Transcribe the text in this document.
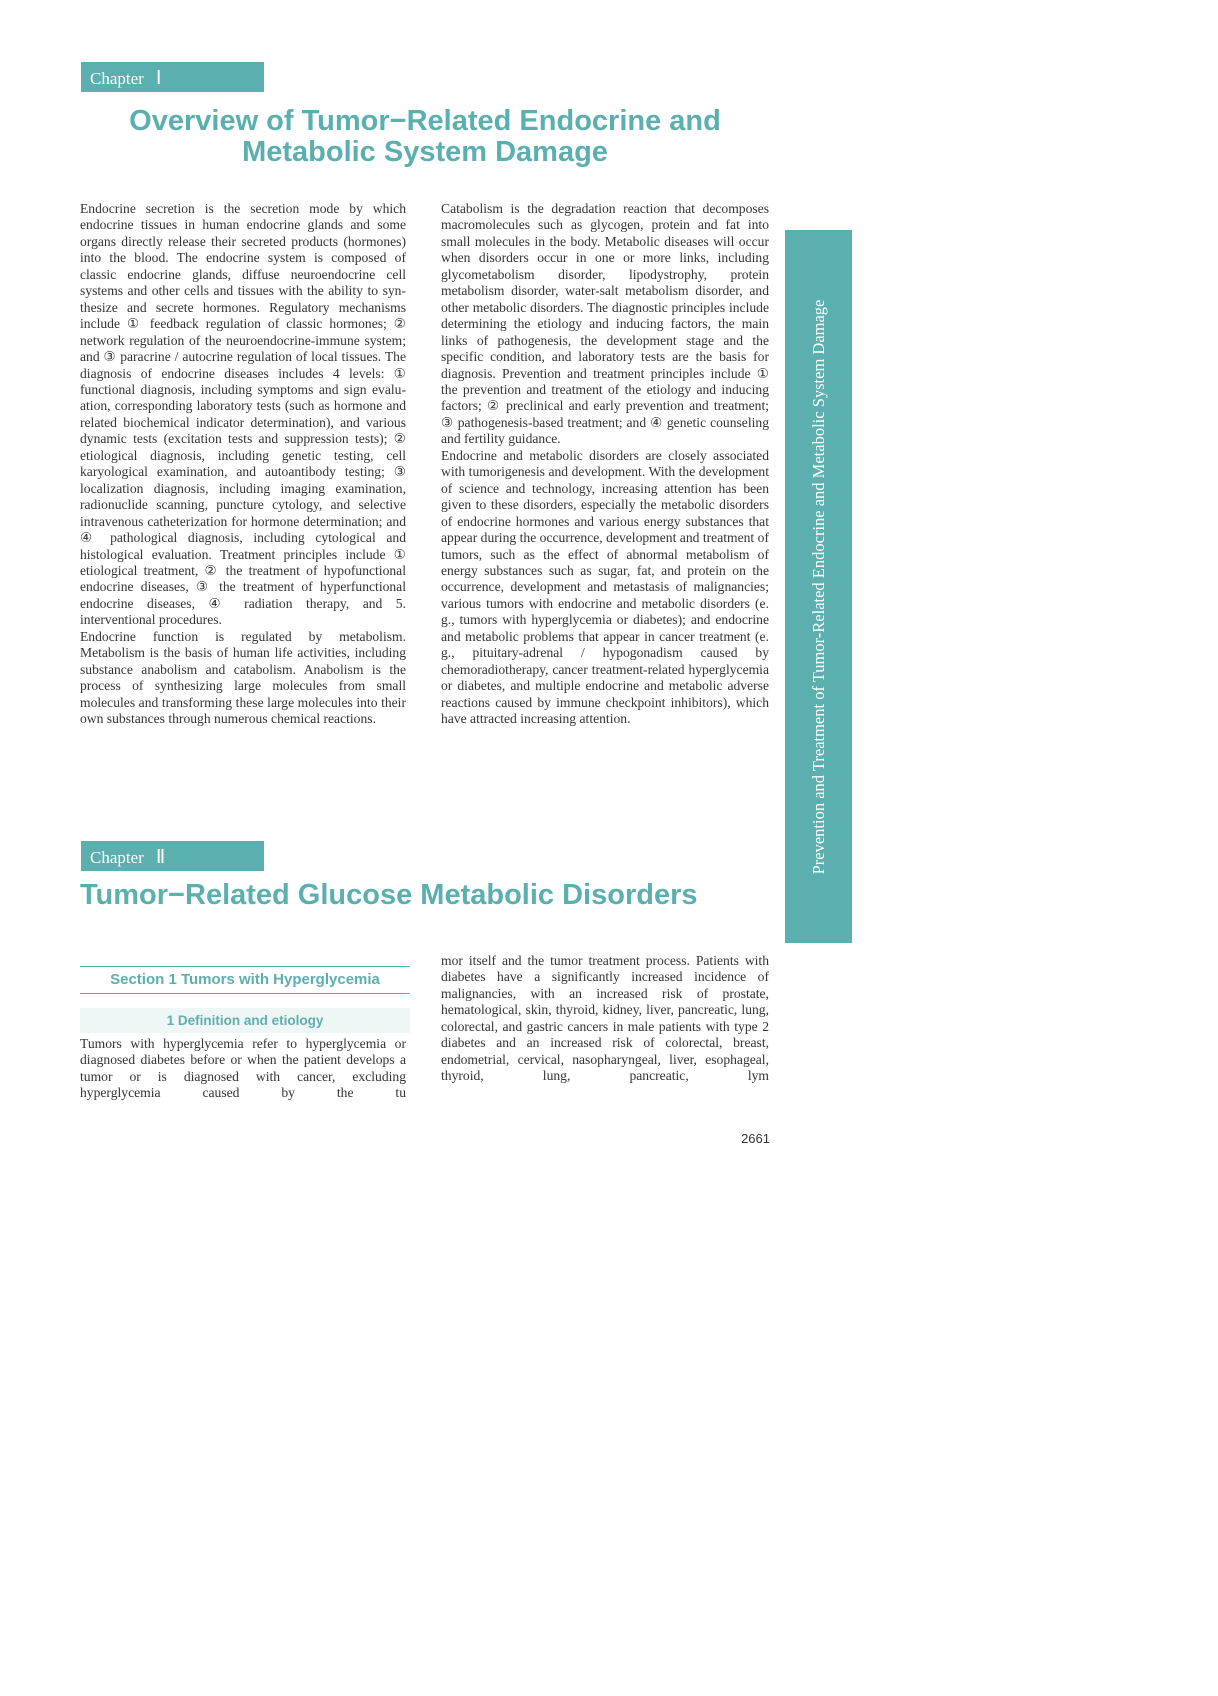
Chapter Ⅰ
Overview of Tumor−Related Endocrine and
Metabolic System Damage

Endocrine secretion is the secretion mode by which endocrine tissues in human endocrine glands and some organs directly release their secreted products (hormones) into the blood. The endocrine system is composed of classic endocrine glands, diffuse neuroendocrine cell systems and other cells and tissues with the ability to synthesize and secrete hormones. Regulatory mechanisms include ① feedback regulation of classic hormones; ② network regulation of the neuroendocrine-immune system; and ③ paracrine / autocrine regulation of local tissues. The diagnosis of endocrine diseases includes 4 levels: ① functional diagnosis, including symptoms and sign evaluation, corresponding laboratory tests (such as hormone and related biochemical indicator determination), and various dynamic tests (excitation tests and suppression tests); ② etiological diagnosis, including genetic testing, cell karyological examination, and autoantibody testing; ③ localization diagnosis, including imaging examination, radionuclide scanning, puncture cytology, and selective intravenous catheterization for hormone determination; and ④ pathological diagnosis, including cytological and histological evaluation. Treatment principles include ① etiological treatment, ② the treatment of hypofunctional endocrine diseases, ③ the treatment of hyperfunctional endocrine diseases, ④ radiation therapy, and 5. interventional procedures.

Endocrine function is regulated by metabolism. Metabolism is the basis of human life activities, including substance anabolism and catabolism. Anabolism is the process of synthesizing large molecules from small molecules and transforming these large molecules into their own substances through numerous chemical reactions.

Catabolism is the degradation reaction that decomposes macromolecules such as glycogen, protein and fat into small molecules in the body. Metabolic diseases will occur when disorders occur in one or more links, including glycometabolism disorder, lipodystrophy, protein metabolism disorder, water-salt metabolism disorder, and other metabolic disorders. The diagnostic principles include determining the etiology and inducing factors, the main links of pathogenesis, the development stage and the specific condition, and laboratory tests are the basis for diagnosis. Prevention and treatment principles include ① the prevention and treatment of the etiology and inducing factors; ② preclinical and early prevention and treatment; ③ pathogenesis-based treatment; and ④ genetic counseling and fertility guidance.

Endocrine and metabolic disorders are closely associated with tumorigenesis and development. With the development of science and technology, increasing attention has been given to these disorders, especially the metabolic disorders of endocrine hormones and various energy substances that appear during the occurrence, development and treatment of tumors, such as the effect of abnormal metabolism of energy substances such as sugar, fat, and protein on the occurrence, development and metastasis of malignancies; various tumors with endocrine and metabolic disorders (e. g., tumors with hyperglycemia or diabetes); and endocrine and metabolic problems that appear in cancer treatment (e. g., pituitary-adrenal / hypogonadism caused by chemoradiotherapy, cancer treatment-related hyperglycemia or diabetes, and multiple endocrine and metabolic adverse reactions caused by immune checkpoint inhibitors), which have attracted increasing attention.	Prevention and Treatment of Tumor-Related Endocrine and Metabolic System Damage
Chapter Ⅱ
Tumor−Related Glucose Metabolic Disorders
Section 1 Tumors with Hyperglycemia
1 Definition and etiology

Tumors with hyperglycemia refer to hyperglycemia or diagnosed diabetes before or when the patient develops a tumor or is diagnosed with cancer, excluding hyperglycemia caused by the tu

mor itself and the tumor treatment process. Patients with diabetes have a significantly increased incidence of malignancies, with an increased risk of prostate, hematological, skin, thyroid, kidney, liver, pancreatic, lung, colorectal, and gastric cancers in male patients with type 2 diabetes and an increased risk of colorectal, breast, endometrial, cervical, nasopharyngeal, liver, esophageal, thyroid, lung, pancreatic, lym

2661
